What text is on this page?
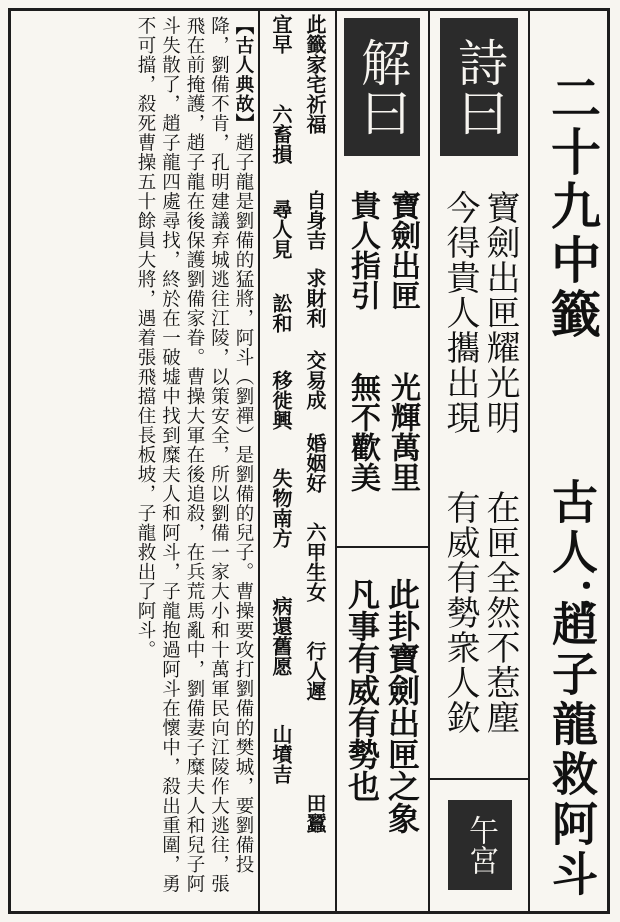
二十九中籤
古人：
趙子龍救阿斗
詩曰
寶劍出匣耀光明
在匣全然不惹塵
今得貴人攜出現
有威有勢衆人欽
午宮
解曰
寶劍出匣
光輝萬里
貴人指引
無不歡美
此卦寶劍出匣之象
凡事有威有勢也
此籤家宅祈福
自身吉
求財利
交易成
婚姻好
六甲生女
行人遲
田蠶
宜早
六畜損
尋人見
訟和
移徙興
失物南方
病還舊愿
山墳吉
【古人典故】趙子龍是劉備的猛將，阿斗（劉禪）是劉備的兒子。曹操要攻打劉備的樊城，要劉備投降，劉備不肯，孔明建議弃城逃往江陵，以策安全，所以劉備一家大小和十萬軍民向江陵作大逃往，張飛在前掩護，趙子龍在後保護劉備家眷。曹操大軍在後追殺，在兵荒馬亂中，劉備妻子糜夫人和兒子阿斗失散了，趙子龍四處尋找，終於在一破墟中找到糜夫人和阿斗，子龍抱過阿斗在懷中，殺出重圍，勇不可擋，殺死曹操五十餘員大將，遇着張飛擋住長板坡，子龍救出了阿斗。
